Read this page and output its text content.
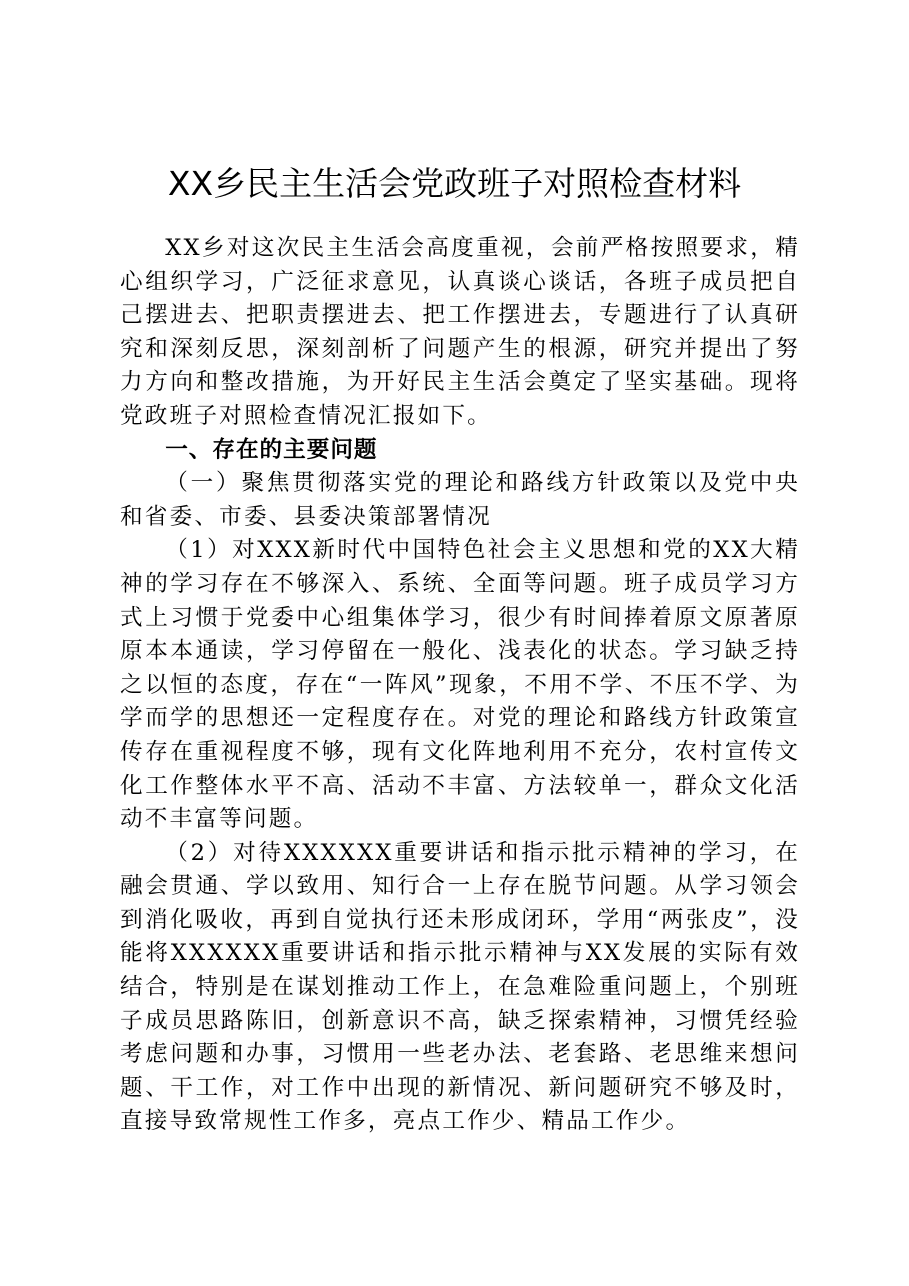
XX乡民主生活会党政班子对照检查材料

XX乡对这次民主生活会高度重视，会前严格按照要求，精心组织学习，广泛征求意见，认真谈心谈话，各班子成员把自己摆进去、把职责摆进去、把工作摆进去，专题进行了认真研究和深刻反思，深刻剖析了问题产生的根源，研究并提出了努力方向和整改措施，为开好民主生活会奠定了坚实基础。现将党政班子对照检查情况汇报如下。

一、存在的主要问题

（一）聚焦贯彻落实党的理论和路线方针政策以及党中央和省委、市委、县委决策部署情况

（1）对XXX新时代中国特色社会主义思想和党的XX大精神的学习存在不够深入、系统、全面等问题。班子成员学习方式上习惯于党委中心组集体学习，很少有时间捧着原文原著原原本本通读，学习停留在一般化、浅表化的状态。学习缺乏持之以恒的态度，存在“一阵风”现象，不用不学、不压不学、为学而学的思想还一定程度存在。对党的理论和路线方针政策宣传存在重视程度不够，现有文化阵地利用不充分，农村宣传文化工作整体水平不高、活动不丰富、方法较单一，群众文化活动不丰富等问题。

（2）对待XXXXXX重要讲话和指示批示精神的学习，在融会贯通、学以致用、知行合一上存在脱节问题。从学习领会到消化吸收，再到自觉执行还未形成闭环，学用“两张皮”，没能将XXXXXX重要讲话和指示批示精神与XX发展的实际有效结合，特别是在谋划推动工作上，在急难险重问题上，个别班子成员思路陈旧，创新意识不高，缺乏探索精神，习惯凭经验考虑问题和办事，习惯用一些老办法、老套路、老思维来想问题、干工作，对工作中出现的新情况、新问题研究不够及时，直接导致常规性工作多，亮点工作少、精品工作少。
